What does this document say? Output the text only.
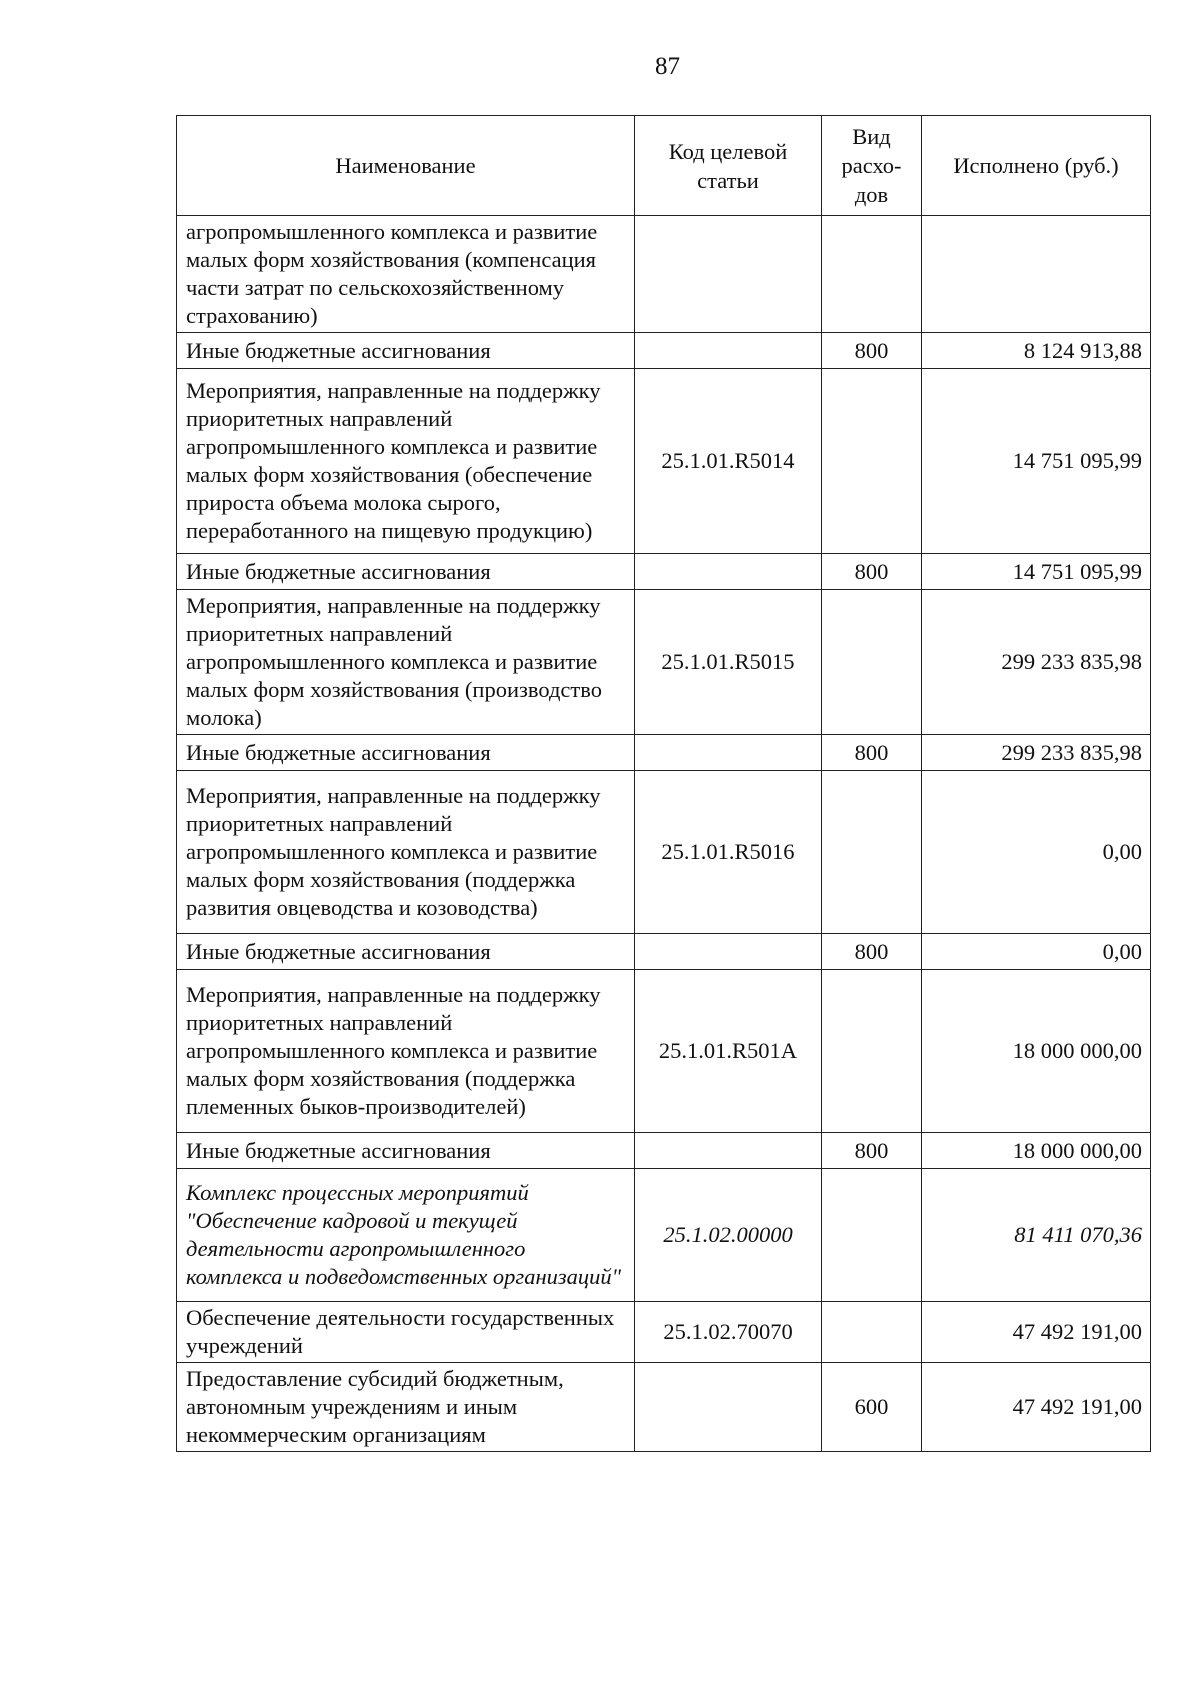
87
Наименование	Код целевой статьи	Вид расхо-дов	Исполнено (руб.)
агропромышленного комплекса и развитие малых форм хозяйствования (компенсация части затрат по сельскохозяйственному страхованию)			
Иные бюджетные ассигнования		800	8 124 913,88
Мероприятия, направленные на поддержку приоритетных направлений агропромышленного комплекса и развитие малых форм хозяйствования (обеспечение прироста объема молока сырого, переработанного на пищевую продукцию)	25.1.01.R5014		14 751 095,99
Иные бюджетные ассигнования		800	14 751 095,99
Мероприятия, направленные на поддержку приоритетных направлений агропромышленного комплекса и развитие малых форм хозяйствования (производство молока)	25.1.01.R5015		299 233 835,98
Иные бюджетные ассигнования		800	299 233 835,98
Мероприятия, направленные на поддержку приоритетных направлений агропромышленного комплекса и развитие малых форм хозяйствования (поддержка развития овцеводства и козоводства)	25.1.01.R5016		0,00
Иные бюджетные ассигнования		800	0,00
Мероприятия, направленные на поддержку приоритетных направлений агропромышленного комплекса и развитие малых форм хозяйствования (поддержка племенных быков-производителей)	25.1.01.R501A		18 000 000,00
Иные бюджетные ассигнования		800	18 000 000,00
Комплекс процессных мероприятий "Обеспечение кадровой и текущей деятельности агропромышленного комплекса и подведомственных организаций"	25.1.02.00000		81 411 070,36
Обеспечение деятельности государственных учреждений	25.1.02.70070		47 492 191,00
Предоставление субсидий бюджетным, автономным учреждениям и иным некоммерческим организациям		600	47 492 191,00
